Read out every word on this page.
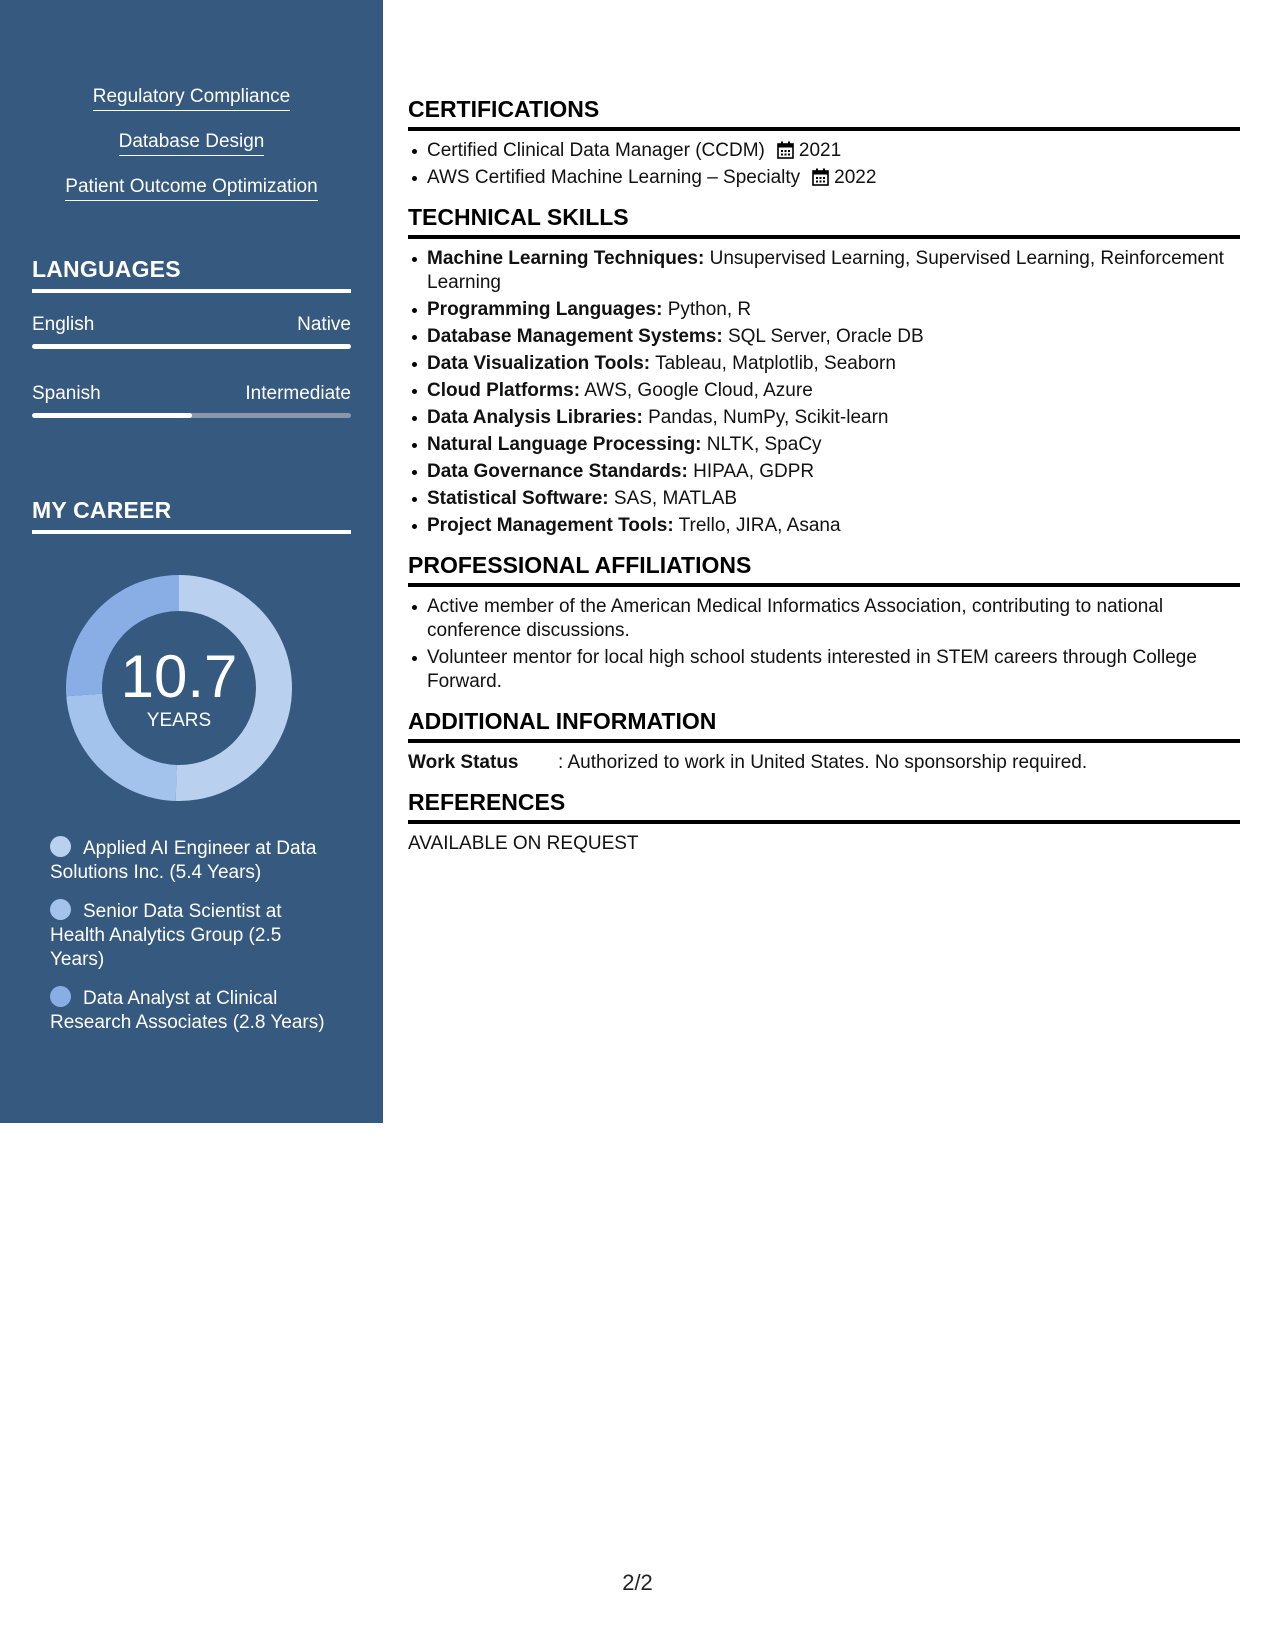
Regulatory Compliance
Database Design
Patient Outcome Optimization
LANGUAGES
English	Native
Spanish	Intermediate
MY CAREER
10.7
YEARS
Applied AI Engineer at Data Solutions Inc. (5.4 Years)
Senior Data Scientist at Health Analytics Group (2.5 Years)
Data Analyst at Clinical Research Associates (2.8 Years)
CERTIFICATIONS
Certified Clinical Data Manager (CCDM) 2021
AWS Certified Machine Learning – Specialty 2022
TECHNICAL SKILLS
Machine Learning Techniques: Unsupervised Learning, Supervised Learning, Reinforcement Learning
Programming Languages: Python, R
Database Management Systems: SQL Server, Oracle DB
Data Visualization Tools: Tableau, Matplotlib, Seaborn
Cloud Platforms: AWS, Google Cloud, Azure
Data Analysis Libraries: Pandas, NumPy, Scikit-learn
Natural Language Processing: NLTK, SpaCy
Data Governance Standards: HIPAA, GDPR
Statistical Software: SAS, MATLAB
Project Management Tools: Trello, JIRA, Asana
PROFESSIONAL AFFILIATIONS
Active member of the American Medical Informatics Association, contributing to national conference discussions.
Volunteer mentor for local high school students interested in STEM careers through College Forward.
ADDITIONAL INFORMATION
Work Status	: Authorized to work in United States. No sponsorship required.
REFERENCES
AVAILABLE ON REQUEST
2/2
